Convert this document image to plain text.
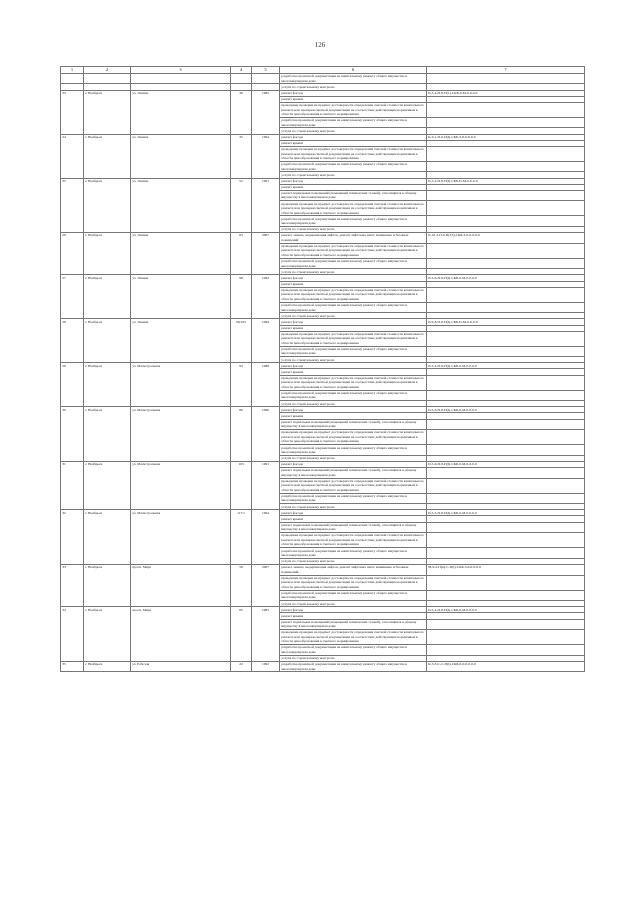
126
1	2	3	4	5	6	7
					разработка проектной документации на капитальному ремонту общего имущества в многоквартирном доме	
					услуги по строительному контролю	
23	г. Ноябрьск	ул. Ленина	39	1985	ремонт фасада	II-5-4-П-8-П(1)-СКБ-0-М-0-0-0-0
					ремонт крыши	
					проведение проверки на предмет достоверности определения сметной стоимости капитального ремонта или проверки сметной документации на соответствие действующим нормативам в области ценообразования в сметного нормирования	
					разработка проектной документации на капитальному ремонту общего имущества в многоквартирном доме	
					услуги по строительному контролю	
24	г. Ноябрьск	ул. Ленина	35	1994	ремонт фасада	К-9-1-П-0-П(I)-СКБ-3-8-0-8-0-0
					ремонт крыши	
					проведение проверки на предмет достоверности определения сметной стоимости капитального ремонта или проверки сметной документации на соответствие действующим нормативам в области ценообразования в сметного нормирования	
					разработка проектной документации на капитальному ремонту общего имущества в многоквартирном доме	
					услуги по строительному контролю	
25	г. Ноябрьск	ул. Ленина	52	1991	ремонт фасада	II-5-2-П-8-П(I)-СКБ-П-М-0-0-0-0
					ремонт крыши	
					ремонт подвальных помещений (помещений технических этажей), относящихся к общему имуществу в многоквартирном доме	
					проведение проверки на предмет достоверности определения сметной стоимости капитального ремонта или проверки сметной документации на соответствие действующим нормативам в области ценообразования в сметного нормирования	
					разработка проектной документации на капитальному ремонту общего имущества в многоквартирном доме	
					услуги по строительному контролю	
26	г. Ноябрьск	ул. Ленина	63	2007	ремонт, замена, модернизация лифтов, ремонт лифтовых шахт, машинных и блочных помещений	II-10-3-П-0-П(Г3)-СКБ-3-0-0-0-0-0
					проведение проверки на предмет достоверности определения сметной стоимости капитального ремонта или проверки сметной документации на соответствие действующим нормативам в области ценообразования в сметного нормирования	
					разработка проектной документации на капитальному ремонту общего имущества в многоквартирном доме	
					услуги по строительному контролю	
27	г. Ноябрьск	ул. Ленина	98	1992	ремонт фасада	II-5-6-П-8-П(I)-СКБ-0-М-0-0-0-0
					ремонт крыши	
					проведение проверки на предмет достоверности определения сметной стоимости капитального ремонта или проверки сметной документации на соответствие действующим нормативам в области ценообразования в сметного нормирования	
					разработка проектной документации на капитальному ремонту общего имущества в многоквартирном доме	
					услуги по строительному контролю	
28	г. Ноябрьск	ул. Ленина	98/105	1999	ремонт фасада	II-9-8-П-8-П(I)-СКБ-П-М-0-0-0-0
					ремонт крыши	
					проведение проверки на предмет достоверности определения сметной стоимости капитального ремонта или проверки сметной документации на соответствие действующим нормативам в области ценообразования в сметного нормирования	
					разработка проектной документации на капитальному ремонту общего имущества в многоквартирном доме	
					услуги по строительному контролю	
29	г. Ноябрьск	ул. Магистральная	93	1988	ремонт фасада	II-5-4-П-8-П(I)-СКБ-0-М-0-0-0-0
					ремонт крыши	
					проведение проверки на предмет достоверности определения сметной стоимости капитального ремонта или проверки сметной документации на соответствие действующим нормативам в области ценообразования в сметного нормирования	
					разработка проектной документации на капитальному ремонту общего имущества в многоквартирном доме	
					услуги по строительному контролю	
30	г. Ноябрьск	ул. Магистральная	89	1990	ремонт фасада	II-5-6-П-8-П(I)-СКБ-0-М-0-0-0-0
					ремонт крыши	
					ремонт подвальных помещений (помещений технических этажей), относящихся к общему имуществу в многоквартирном доме	
					проведение проверки на предмет достоверности определения сметной стоимости капитального ремонта или проверки сметной документации на соответствие действующим нормативам в области ценообразования в сметного нормирования	
					разработка проектной документации на капитальному ремонту общего имущества в многоквартирном доме	
					услуги по строительному контролю	
31	г. Ноябрьск	ул. Магистральная	103	1991	ремонт фасада	II-5-6-П-8-П(I)-СКБ-0-М-0-0-0-0
					ремонт подвальных помещений (помещений технических этажей), относящихся к общему имуществу в многоквартирном доме	
					проведение проверки на предмет достоверности определения сметной стоимости капитального ремонта или проверки сметной документации на соответствие действующим нормативам в области ценообразования в сметного нормирования	
					разработка проектной документации на капитальному ремонту общего имущества в многоквартирном доме	
					услуги по строительному контролю	
32	г. Ноябрьск	ул. Магистральная	117/1	1994	ремонт фасада	II-5-5-П-8-П(I)-СКБ-0-М-0-0-0-0
					ремонт крыши	
					ремонт подвальных помещений (помещений технических этажей), относящихся к общему имуществу в многоквартирном доме	
					проведение проверки на предмет достоверности определения сметной стоимости капитального ремонта или проверки сметной документации на соответствие действующим нормативам в области ценообразования в сметного нормирования	
					разработка проектной документации на капитальному ремонту общего имущества в многоквартирном доме	
					услуги по строительному контролю	
33	г. Ноябрьск	просп. Мира	56	2007	ремонт, замена, модернизация лифтов, ремонт лифтовых шахт, машинных и блочных помещений	М-9-2-П(и)-С-П(I)-СКБ-3-0-0-0-0-0
					проведение проверки на предмет достоверности определения сметной стоимости капитального ремонта или проверки сметной документации на соответствие действующим нормативам в области ценообразования в сметного нормирования	
					разработка проектной документации на капитальному ремонту общего имущества в многоквартирном доме	
					услуги по строительному контролю	
34	г. Ноябрьск	просп. Мира	85	1985	ремонт фасада	II-5-4-П-8-П(I)-СКБ-0-М-0-0-0-0
					ремонт крыши	
					ремонт подвальных помещений (помещений технических этажей), относящихся к общему имуществу в многоквартирном доме	
					проведение проверки на предмет достоверности определения сметной стоимости капитального ремонта или проверки сметной документации на соответствие действующим нормативам в области ценообразования в сметного нормирования	
					разработка проектной документации на капитальному ремонту общего имущества в многоквартирном доме	
					услуги по строительному контролю	
35	г. Ноябрьск	ул. Рабочая	22	1992	разработка проектной документации на капитальному ремонту общего имущества в многоквартирном доме	К-3-3-С-С-П(I)-СКБ-0-0-0-0-0-0
